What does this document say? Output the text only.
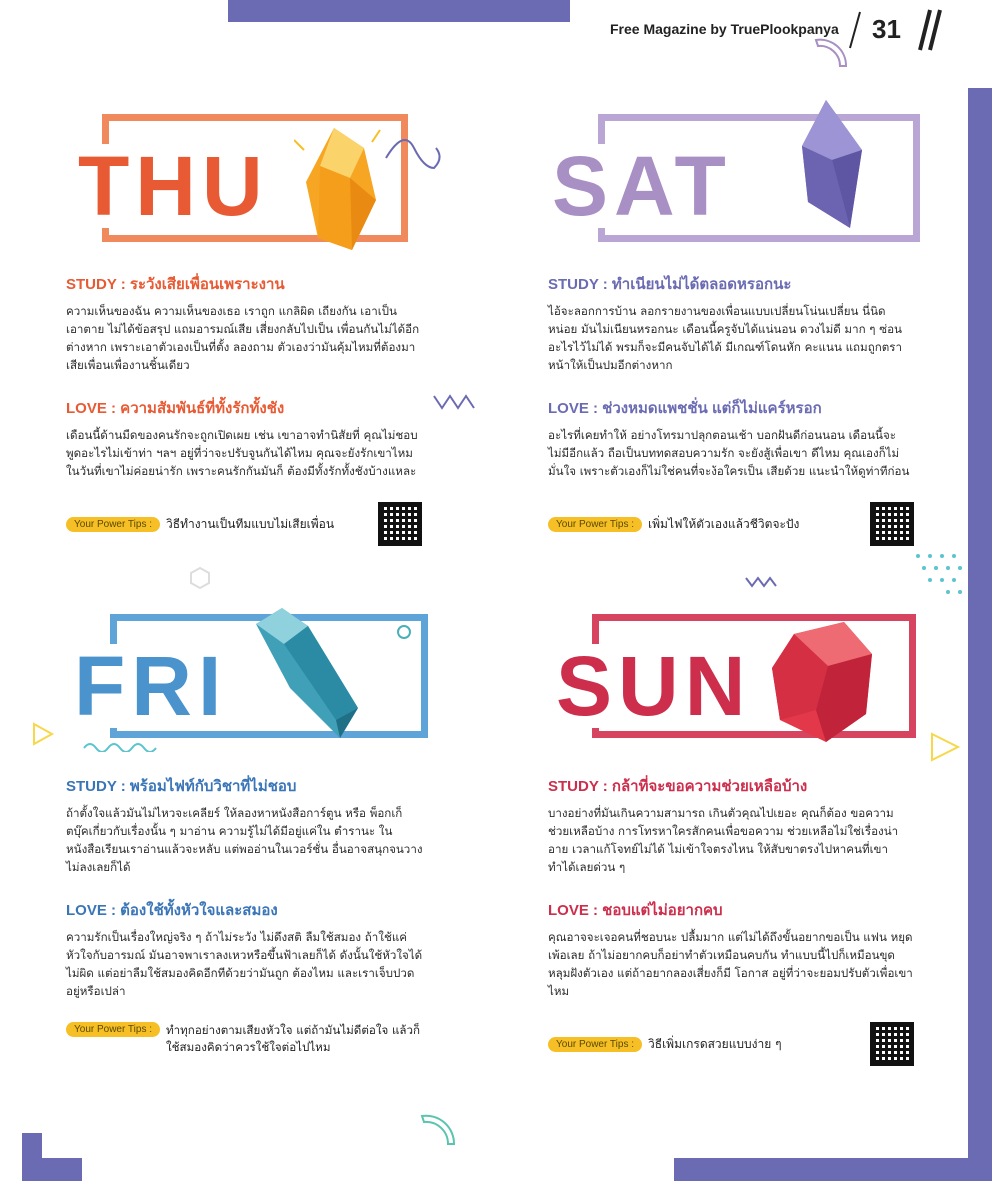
Free Magazine by TruePlookpanya 31
THU
STUDY : ระวังเสียเพื่อนเพราะงาน
ความเห็นของฉัน ความเห็นของเธอ เราถูก แกลิผิด เถียงกัน เอาเป็นเอาตาย ไม่ได้ข้อสรุป แถมอารมณ์เสีย เสี่ยงกลับไปเป็น เพื่อนกันไม่ได้อีกต่างหาก เพราะเอาตัวเองเป็นที่ตั้ง ลองถาม ตัวเองว่ามันคุ้มไหมที่ต้องมาเสียเพื่อนเพื่องานชิ้นเดียว
LOVE : ความสัมพันธ์ที่ทั้งรักทั้งชัง
เดือนนี้ด้านมืดของคนรักจะถูกเปิดเผย เช่น เขาอาจทำนิสัยที่ คุณไม่ชอบ พูดอะไรไม่เข้าท่า ฯลฯ อยู่ที่ว่าจะปรับจูนกันได้ไหม คุณจะยังรักเขาไหมในวันที่เขาไม่ค่อยน่ารัก เพราะคนรักกันมันก็ ต้องมีทั้งรักทั้งชังบ้างแหละ
Your Power Tips :	วิธีทำงานเป็นทีมแบบไม่เสียเพื่อน
SAT
STUDY : ทำเนียนไม่ได้ตลอดหรอกนะ
ไอ้จะลอกการบ้าน ลอกรายงานของเพื่อนแบบเปลี่ยนโน่นเปลี่ยน นี่นิดหน่อย มันไม่เนียนหรอกนะ เดือนนี้ครูจับได้แน่นอน ดวงไม่ดี มาก ๆ ซ่อนอะไรไว้ไม่ได้ พรมก็จะมีคนจับได้ได้ มีเกณฑ์โดนหัก คะแนน แถมถูกตราหน้าให้เป็นปมอีกต่างหาก
LOVE : ช่วงหมดแพชชั่น แต่ก็ไม่แคร์หรอก
อะไรที่เคยทำให้ อย่างโทรมาปลุกตอนเช้า บอกฝันดีก่อนนอน เดือนนี้จะไม่มีอีกแล้ว ถือเป็นบททดสอบความรัก จะยังสู้เพื่อเขา ดีไหม คุณเองก็ไม่มั่นใจ เพราะตัวเองก็ไม่ใช่คนที่จะง้อใครเป็น เสียด้วย แนะนำให้ดูท่าทีก่อน
Your Power Tips :	เพิ่มไฟให้ตัวเองแล้วชีวิตจะปัง
FRI
STUDY : พร้อมไฟท์กับวิชาที่ไม่ชอบ
ถ้าตั้งใจแล้วมันไม่ไหวจะเคลียร์ ให้ลองหาหนังสือการ์ตูน หรือ พ็อกเก็ตบุ๊คเกี่ยวกับเรื่องนั้น ๆ มาอ่าน ความรู้ไม่ได้มีอยู่แค่ใน ตำรานะ ในหนังสือเรียนเราอ่านแล้วจะหลับ แต่พออ่านในเวอร์ชั่น อื่นอาจสนุกจนวางไม่ลงเลยก็ได้
LOVE : ต้องใช้ทั้งหัวใจและสมอง
ความรักเป็นเรื่องใหญ่จริง ๆ ถ้าไม่ระวัง ไม่ดึงสติ ลืมใช้สมอง ถ้าใช้แค่หัวใจกับอารมณ์ มันอาจพาเราลงเหวหรือขึ้นฟ้าเลยก็ได้ ดังนั้นใช้หัวใจได้ไม่ผิด แต่อย่าลืมใช้สมองคิดอีกทีด้วยว่ามันถูก ต้องไหม และเราเจ็บปวดอยู่หรือเปล่า
Your Power Tips :	ทำทุกอย่างตามเสียงหัวใจ แต่ถ้ามันไม่ดีต่อใจ แล้วก็ใช้สมองคิดว่าควรใช้ใจต่อไปไหม
SUN
STUDY : กล้าที่จะขอความช่วยเหลือบ้าง
บางอย่างที่มันเกินความสามารถ เกินตัวคุณไปเยอะ คุณก็ต้อง ขอความช่วยเหลือบ้าง การโทรหาใครสักคนเพื่อขอความ ช่วยเหลือไม่ใช่เรื่องน่าอาย เวลาแก้โจทย์ไม่ได้ ไม่เข้าใจตรงไหน ให้สับขาตรงไปหาคนที่เขาทำได้เลยด่วน ๆ
LOVE : ชอบแต่ไม่อยากคบ
คุณอาจจะเจอคนที่ชอบนะ ปลื้มมาก แต่ไม่ได้ถึงขั้นอยากขอเป็น แฟน หยุดเพ้อเลย ถ้าไม่อยากคบก็อย่าทำตัวเหมือนคบกัน ทำแบบนี้ไปก็เหมือนขุดหลุมฝังตัวเอง แต่ถ้าอยากลองเสี่ยงก็มี โอกาส อยู่ที่ว่าจะยอมปรับตัวเพื่อเขาไหม
Your Power Tips :	วิธีเพิ่มเกรดสวยแบบง่าย ๆ
